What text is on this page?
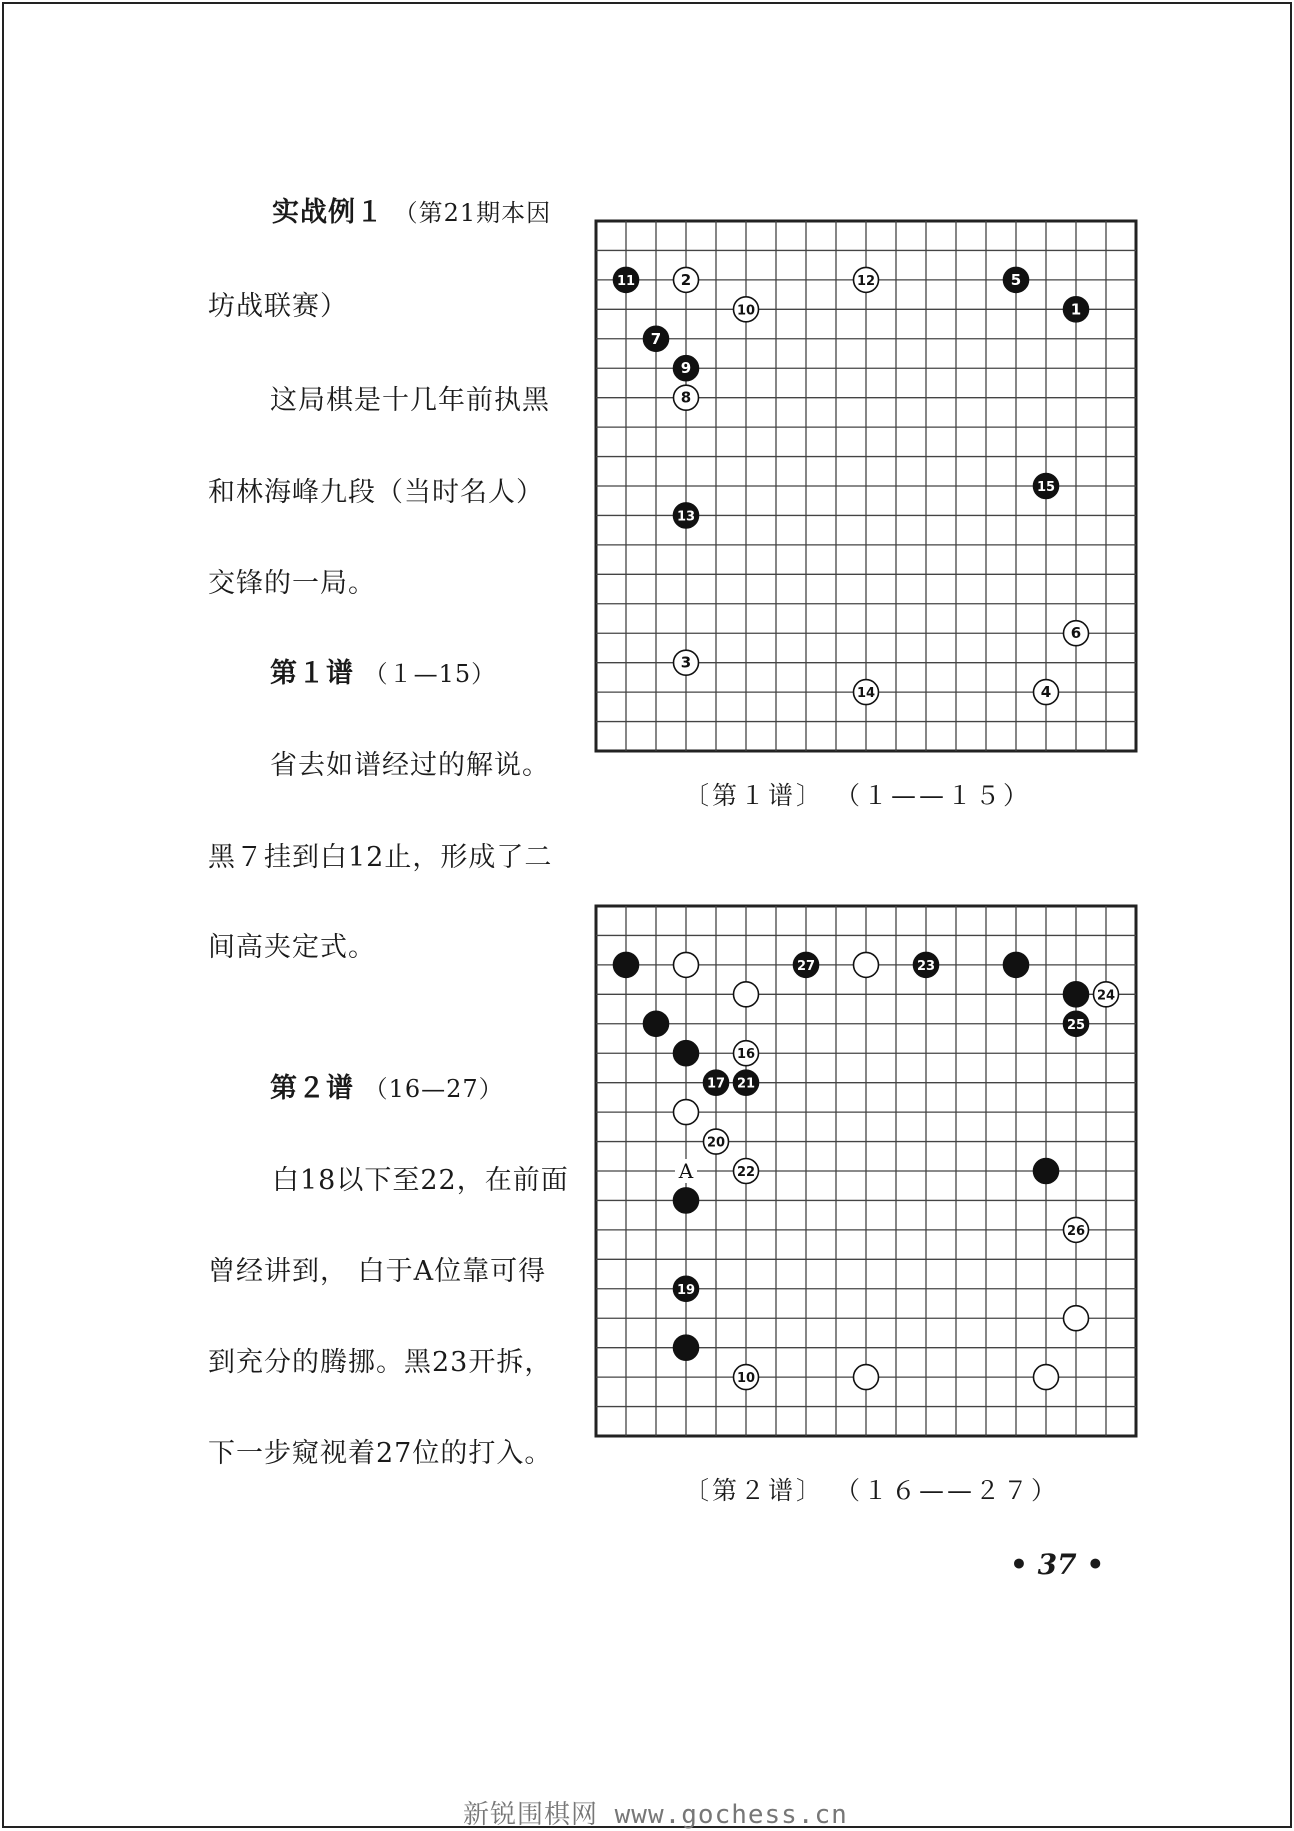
实战例１ （第21期本因
坊战联赛）
这局棋是十几年前执黑
和林海峰九段（当时名人）
交锋的一局。
第１谱 （１—15）
省去如谱经过的解说。
黑７挂到白12止，形成了二
间高夹定式。
第２谱 （16—27）
白18以下至22，在前面
曾经讲到， 白于A位靠可得
到充分的腾挪。黑23开拆，
下一步窥视着27位的打入。
1
2
3
4
5
6
7
8
9
10
11	12
13
14
15
〔第１谱〕 （１——１５）
27	23
24
25
16
17 21
20
22
26
19
10
A
〔第２谱〕 （１６——２７）
• 37 •
新锐围棋网 www.gochess.cn
